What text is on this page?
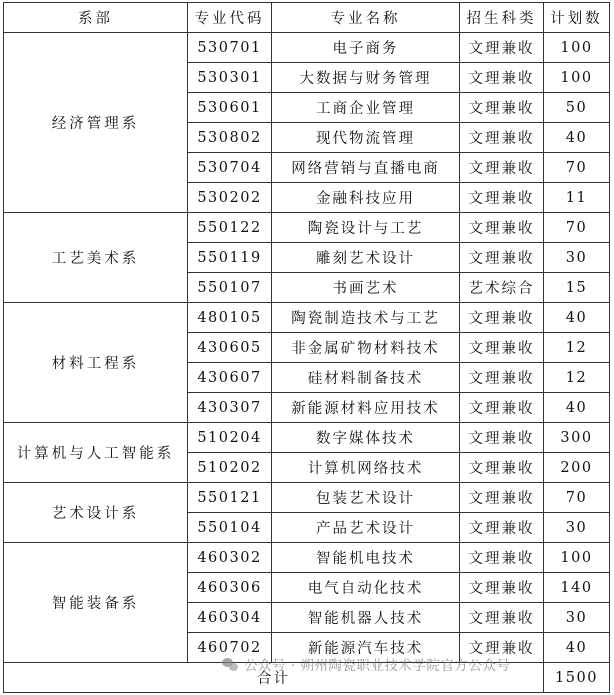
系部	专业代码	专业名称	招生科类	计划数
经济管理系	530701	电子商务	文理兼收	100
	530301	大数据与财务管理	文理兼收	100
	530601	工商企业管理	文理兼收	50
	530802	现代物流管理	文理兼收	40
	530704	网络营销与直播电商	文理兼收	70
	530202	金融科技应用	文理兼收	11
工艺美术系	550122	陶瓷设计与工艺	文理兼收	70
	550119	雕刻艺术设计	文理兼收	30
	550107	书画艺术	艺术综合	15
材料工程系	480105	陶瓷制造技术与工艺	文理兼收	40
	430605	非金属矿物材料技术	文理兼收	12
	430607	硅材料制备技术	文理兼收	12
	430307	新能源材料应用技术	文理兼收	40
计算机与人工智能系	510204	数字媒体技术	文理兼收	300
	510202	计算机网络技术	文理兼收	200
艺术设计系	550121	包装艺术设计	文理兼收	70
	550104	产品艺术设计	文理兼收	30
智能装备系	460302	智能机电技术	文理兼收	100
	460306	电气自动化技术	文理兼收	140
	460304	智能机器人技术	文理兼收	30
	460702	新能源汽车技术	文理兼收	40
合计				1500
公众号 · 朔州陶瓷职业技术学院官方公众号
